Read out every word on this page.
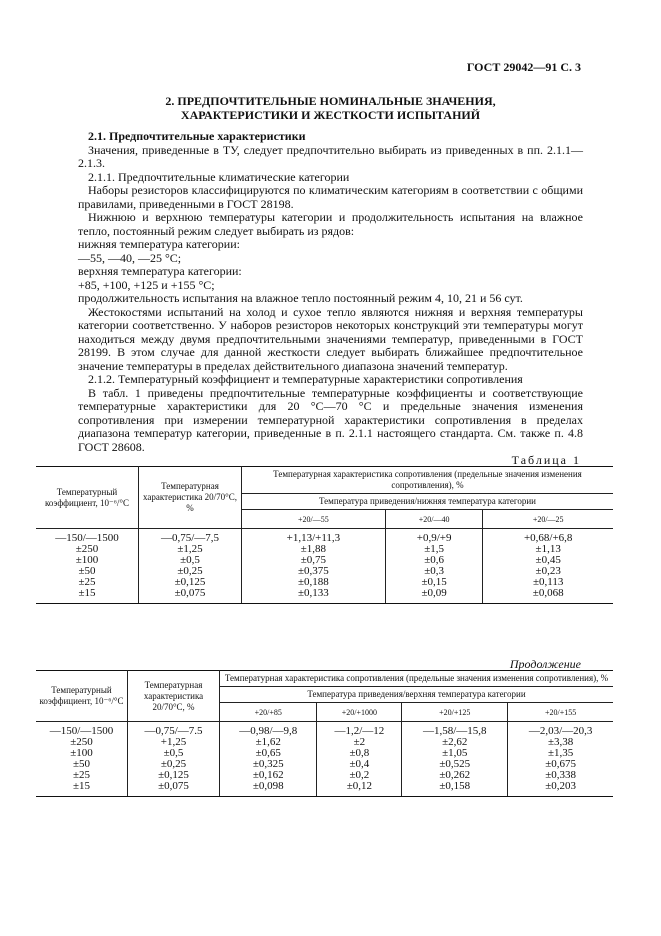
ГОСТ 29042—91 С. 3
2. ПРЕДПОЧТИТЕЛЬНЫЕ НОМИНАЛЬНЫЕ ЗНАЧЕНИЯ,
ХАРАКТЕРИСТИКИ И ЖЕСТКОСТИ ИСПЫТАНИЙ

2.1. Предпочтительные характеристики

Значения, приведенные в ТУ, следует предпочтительно выбирать из приведенных в пп. 2.1.1—2.1.3.

2.1.1. Предпочтительные климатические категории

Наборы резисторов классифицируются по климатическим категориям в соответствии с общими правилами, приведенными в ГОСТ 28198.

Нижнюю и верхнюю температуры категории и продолжительность испытания на влажное тепло, постоянный режим следует выбирать из рядов:

нижняя температура категории:

—55, —40, —25 °С;

верхняя температура категории:

+85, +100, +125 и +155 °С;

продолжительность испытания на влажное тепло постоянный режим 4, 10, 21 и 56 сут.

Жестокостями испытаний на холод и сухое тепло являются нижняя и верхняя температуры категории соответственно. У наборов резисторов некоторых конструкций эти температуры могут находиться между двумя предпочтительными значениями температур, приведенными в ГОСТ 28199. В этом случае для данной жесткости следует выбирать ближайшее предпочтительное значение температуры в пределах действительного диапазона значений температур.

2.1.2. Температурный коэффициент и температурные характеристики сопротивления

В табл. 1 приведены предпочтительные температурные коэффициенты и соответствующие температурные характеристики для 20 °С—70 °С и предельные значения изменения сопротивления при измерении температурной характеристики сопротивления в пределах диапазона температур категории, приведенные в п. 2.1.1 настоящего стандарта. См. также п. 4.8 ГОСТ 28608.

Таблица 1
Температурный коэффициент, 10⁻⁶/°С	Температурная характеристика 20/70°С, %	Температурная характеристика сопротивления (предельные значения изменения сопротивления), %		
		Температура приведения/нижняя температура категории		
		+20/—55	+20/—40	+20/—25
—150/—1500	—0,75/—7,5	+1,13/+11,3	+0,9/+9	+0,68/+6,8
±250	±1,25	±1,88	±1,5	±1,13
±100	±0,5	±0,75	±0,6	±0,45
±50	±0,25	±0,375	±0,3	±0,23
±25	±0,125	±0,188	±0,15	±0,113
±15	±0,075	±0,133	±0,09	±0,068
Продолжение
Температурный коэффициент, 10⁻⁶/°С	Температурная характеристика 20/70°С, %	Температурная характеристика сопротивления (предельные значения изменения сопротивления), %			
		Температура приведения/верхняя температура категории			
		+20/+85	+20/+1000	+20/+125	+20/+155
—150/—1500	—0,75/—7.5	—0,98/—9,8	—1,2/—12	—1,58/—15,8	—2,03/—20,3
±250	+1,25	±1,62	±2	±2,62	±3,38
±100	±0,5	±0,65	±0,8	±1,05	±1,35
±50	±0,25	±0,325	±0,4	±0,525	±0,675
±25	±0,125	±0,162	±0,2	±0,262	±0,338
±15	±0,075	±0,098	±0,12	±0,158	±0,203
